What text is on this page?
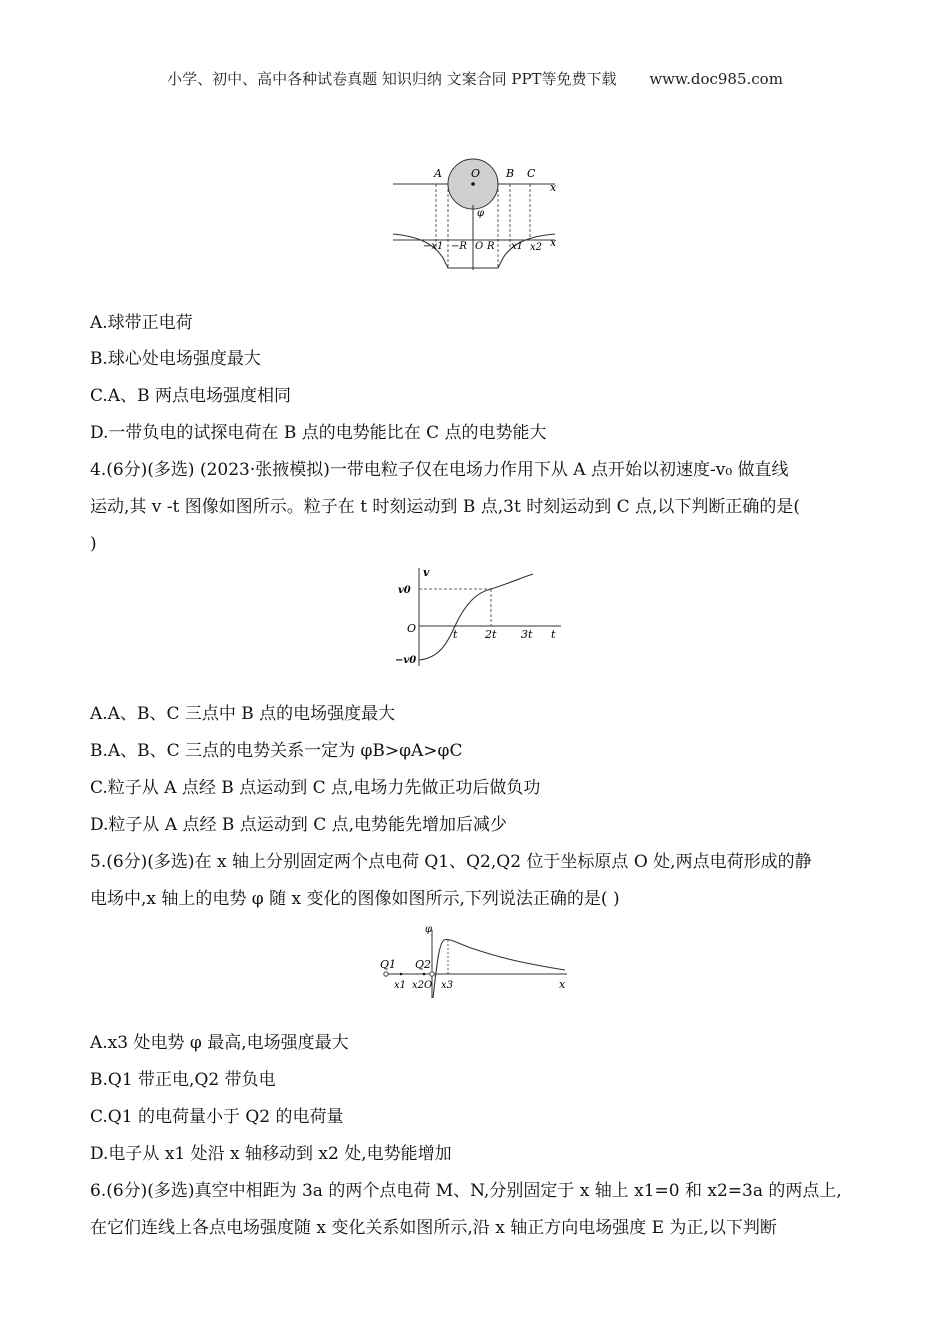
小学、初中、高中各种试卷真题 知识归纳 文案合同 PPT等免费下载 www.doc985.com
A	O B C
x
φ
−x1 −R O R x1 x2 x
A.球带正电荷
B.球心处电场强度最大
C.A、B 两点电场强度相同
D.一带负电的试探电荷在 B 点的电势能比在 C 点的电势能大
4.(6分)(多选) (2023·张掖模拟)一带电粒子仅在电场力作用下从 A 点开始以初速度-v₀ 做直线
运动,其 v -t 图像如图所示。粒子在 t 时刻运动到 B 点,3t 时刻运动到 C 点,以下判断正确的是(
)
v
t
O
v0
−v0
t	2t 3t
A.A、B、C 三点中 B 点的电场强度最大
B.A、B、C 三点的电势关系一定为 φB>φA>φC
C.粒子从 A 点经 B 点运动到 C 点,电场力先做正功后做负功
D.粒子从 A 点经 B 点运动到 C 点,电势能先增加后减少
5.(6分)(多选)在 x 轴上分别固定两个点电荷 Q1、Q2,Q2 位于坐标原点 O 处,两点电荷形成的静
电场中,x 轴上的电势 φ 随 x 变化的图像如图所示,下列说法正确的是( )
φ
Q1 Q2
x1 x2 O x3	x
A.x3 处电势 φ 最高,电场强度最大
B.Q1 带正电,Q2 带负电
C.Q1 的电荷量小于 Q2 的电荷量
D.电子从 x1 处沿 x 轴移动到 x2 处,电势能增加
6.(6分)(多选)真空中相距为 3a 的两个点电荷 M、N,分别固定于 x 轴上 x1=0 和 x2=3a 的两点上,
在它们连线上各点电场强度随 x 变化关系如图所示,沿 x 轴正方向电场强度 E 为正,以下判断
